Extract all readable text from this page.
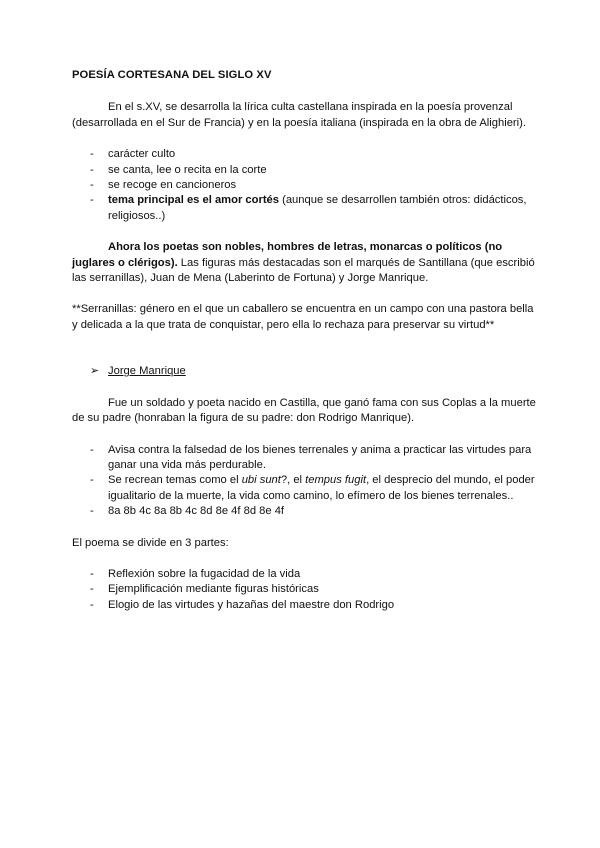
POESÍA CORTESANA DEL SIGLO XV

En el s.XV, se desarrolla la lírica culta castellana inspirada en la poesía provenzal (desarrollada en el Sur de Francia) y en la poesía italiana (inspirada en la obra de Alighieri).

- carácter culto
- se canta, lee o recita en la corte
- se recoge en cancioneros
- tema principal es el amor cortés (aunque se desarrollen también otros: didácticos, religiosos..)

Ahora los poetas son nobles, hombres de letras, monarcas o políticos (no juglares o clérigos). Las figuras más destacadas son el marqués de Santillana (que escribió las serranillas), Juan de Mena (Laberinto de Fortuna) y Jorge Manrique.

**Serranillas: género en el que un caballero se encuentra en un campo con una pastora bella y delicada a la que trata de conquistar, pero ella lo rechaza para preservar su virtud**

➢ Jorge Manrique

Fue un soldado y poeta nacido en Castilla, que ganó fama con sus Coplas a la muerte de su padre (honraban la figura de su padre: don Rodrigo Manrique).

- Avisa contra la falsedad de los bienes terrenales y anima a practicar las virtudes para ganar una vida más perdurable.
- Se recrean temas como el ubi sunt?, el tempus fugit, el desprecio del mundo, el poder igualitario de la muerte, la vida como camino, lo efímero de los bienes terrenales..
- 8a 8b 4c 8a 8b 4c 8d 8e 4f 8d 8e 4f

El poema se divide en 3 partes:

- Reflexión sobre la fugacidad de la vida
- Ejemplificación mediante figuras históricas
- Elogio de las virtudes y hazañas del maestre don Rodrigo
